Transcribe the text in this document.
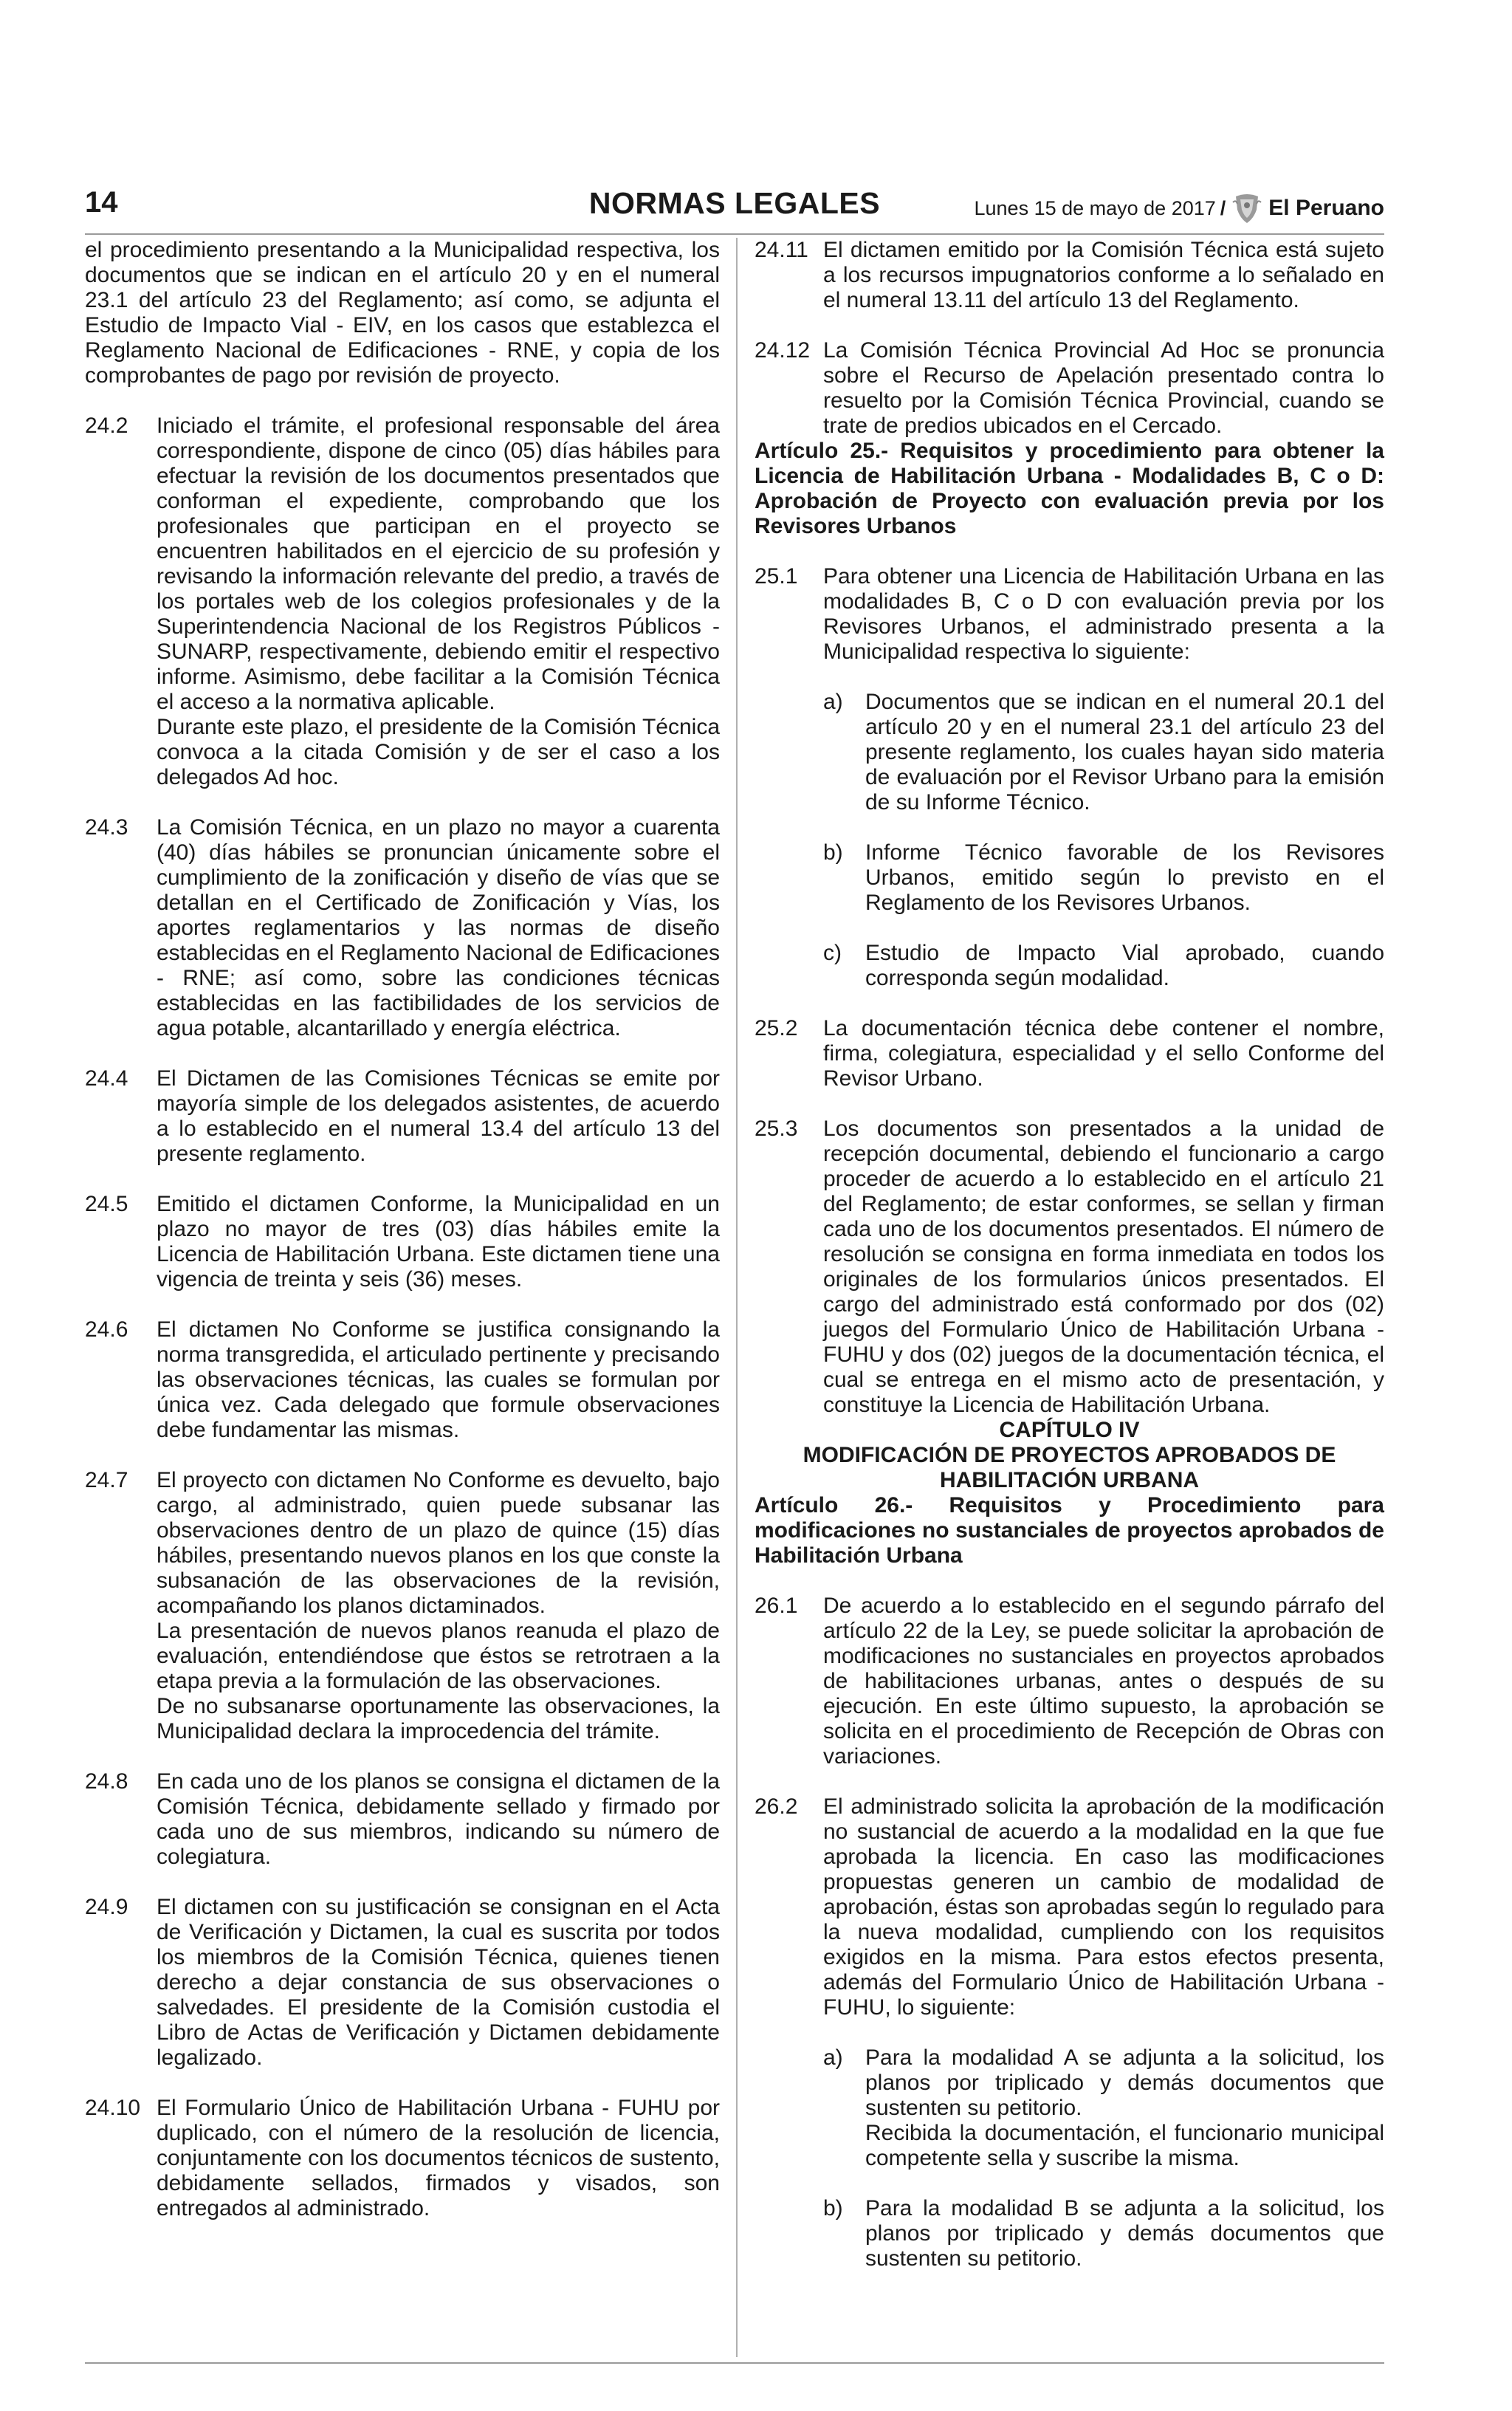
14	NORMAS LEGALES	Lunes 15 de mayo de 2017 / El Peruano

el procedimiento presentando a la Municipalidad respectiva, los documentos que se indican en el artículo 20 y en el numeral 23.1 del artículo 23 del Reglamento; así como, se adjunta el Estudio de Impacto Vial - EIV, en los casos que establezca el Reglamento Nacional de Edificaciones - RNE, y copia de los comprobantes de pago por revisión de proyecto.

24.2	Iniciado el trámite, el profesional responsable del área correspondiente, dispone de cinco (05) días hábiles para efectuar la revisión de los documentos presentados que conforman el expediente, comprobando que los profesionales que participan en el proyecto se encuentren habilitados en el ejercicio de su profesión y revisando la información relevante del predio, a través de los portales web de los colegios profesionales y de la Superintendencia Nacional de los Registros Públicos - SUNARP, respectivamente, debiendo emitir el respectivo informe. Asimismo, debe facilitar a la Comisión Técnica el acceso a la normativa aplicable.

Durante este plazo, el presidente de la Comisión Técnica convoca a la citada Comisión y de ser el caso a los delegados Ad hoc.

24.3	La Comisión Técnica, en un plazo no mayor a cuarenta (40) días hábiles se pronuncian únicamente sobre el cumplimiento de la zonificación y diseño de vías que se detallan en el Certificado de Zonificación y Vías, los aportes reglamentarios y las normas de diseño establecidas en el Reglamento Nacional de Edificaciones - RNE; así como, sobre las condiciones técnicas establecidas en las factibilidades de los servicios de agua potable, alcantarillado y energía eléctrica.

24.4	El Dictamen de las Comisiones Técnicas se emite por mayoría simple de los delegados asistentes, de acuerdo a lo establecido en el numeral 13.4 del artículo 13 del presente reglamento.

24.5	Emitido el dictamen Conforme, la Municipalidad en un plazo no mayor de tres (03) días hábiles emite la Licencia de Habilitación Urbana. Este dictamen tiene una vigencia de treinta y seis (36) meses.

24.6	El dictamen No Conforme se justifica consignando la norma transgredida, el articulado pertinente y precisando las observaciones técnicas, las cuales se formulan por única vez. Cada delegado que formule observaciones debe fundamentar las mismas.

24.7	El proyecto con dictamen No Conforme es devuelto, bajo cargo, al administrado, quien puede subsanar las observaciones dentro de un plazo de quince (15) días hábiles, presentando nuevos planos en los que conste la subsanación de las observaciones de la revisión, acompañando los planos dictaminados.

La presentación de nuevos planos reanuda el plazo de evaluación, entendiéndose que éstos se retrotraen a la etapa previa a la formulación de las observaciones.

De no subsanarse oportunamente las observaciones, la Municipalidad declara la improcedencia del trámite.

24.8	En cada uno de los planos se consigna el dictamen de la Comisión Técnica, debidamente sellado y firmado por cada uno de sus miembros, indicando su número de colegiatura.

24.9	El dictamen con su justificación se consignan en el Acta de Verificación y Dictamen, la cual es suscrita por todos los miembros de la Comisión Técnica, quienes tienen derecho a dejar constancia de sus observaciones o salvedades. El presidente de la Comisión custodia el Libro de Actas de Verificación y Dictamen debidamente legalizado.

24.10 El Formulario Único de Habilitación Urbana - FUHU por duplicado, con el número de la resolución de licencia, conjuntamente con los documentos técnicos de sustento, debidamente sellados, firmados y visados, son entregados al administrado.

24.11 El dictamen emitido por la Comisión Técnica está sujeto a los recursos impugnatorios conforme a lo señalado en el numeral 13.11 del artículo 13 del Reglamento.

24.12 La Comisión Técnica Provincial Ad Hoc se pronuncia sobre el Recurso de Apelación presentado contra lo resuelto por la Comisión Técnica Provincial, cuando se trate de predios ubicados en el Cercado.

Artículo 25.- Requisitos y procedimiento para obtener la Licencia de Habilitación Urbana - Modalidades B, C o D: Aprobación de Proyecto con evaluación previa por los Revisores Urbanos

25.1	Para obtener una Licencia de Habilitación Urbana en las modalidades B, C o D con evaluación previa por los Revisores Urbanos, el administrado presenta a la Municipalidad respectiva lo siguiente:

a)	Documentos que se indican en el numeral 20.1 del artículo 20 y en el numeral 23.1 del artículo 23 del presente reglamento, los cuales hayan sido materia de evaluación por el Revisor Urbano para la emisión de su Informe Técnico.

b)	Informe Técnico favorable de los Revisores Urbanos, emitido según lo previsto en el Reglamento de los Revisores Urbanos.

c)	Estudio de Impacto Vial aprobado, cuando corresponda según modalidad.

25.2	La documentación técnica debe contener el nombre, firma, colegiatura, especialidad y el sello Conforme del Revisor Urbano.

25.3	Los documentos son presentados a la unidad de recepción documental, debiendo el funcionario a cargo proceder de acuerdo a lo establecido en el artículo 21 del Reglamento; de estar conformes, se sellan y firman cada uno de los documentos presentados. El número de resolución se consigna en forma inmediata en todos los originales de los formularios únicos presentados. El cargo del administrado está conformado por dos (02) juegos del Formulario Único de Habilitación Urbana - FUHU y dos (02) juegos de la documentación técnica, el cual se entrega en el mismo acto de presentación, y constituye la Licencia de Habilitación Urbana.

CAPÍTULO IV

MODIFICACIÓN DE PROYECTOS APROBADOS DE HABILITACIÓN URBANA

Artículo 26.- Requisitos y Procedimiento para modificaciones no sustanciales de proyectos aprobados de Habilitación Urbana

26.1	De acuerdo a lo establecido en el segundo párrafo del artículo 22 de la Ley, se puede solicitar la aprobación de modificaciones no sustanciales en proyectos aprobados de habilitaciones urbanas, antes o después de su ejecución. En este último supuesto, la aprobación se solicita en el procedimiento de Recepción de Obras con variaciones.

26.2	El administrado solicita la aprobación de la modificación no sustancial de acuerdo a la modalidad en la que fue aprobada la licencia. En caso las modificaciones propuestas generen un cambio de modalidad de aprobación, éstas son aprobadas según lo regulado para la nueva modalidad, cumpliendo con los requisitos exigidos en la misma. Para estos efectos presenta, además del Formulario Único de Habilitación Urbana - FUHU, lo siguiente:

a)	Para la modalidad A se adjunta a la solicitud, los planos por triplicado y demás documentos que sustenten su petitorio.

Recibida la documentación, el funcionario municipal competente sella y suscribe la misma.

b)	Para la modalidad B se adjunta a la solicitud, los planos por triplicado y demás documentos que sustenten su petitorio.
